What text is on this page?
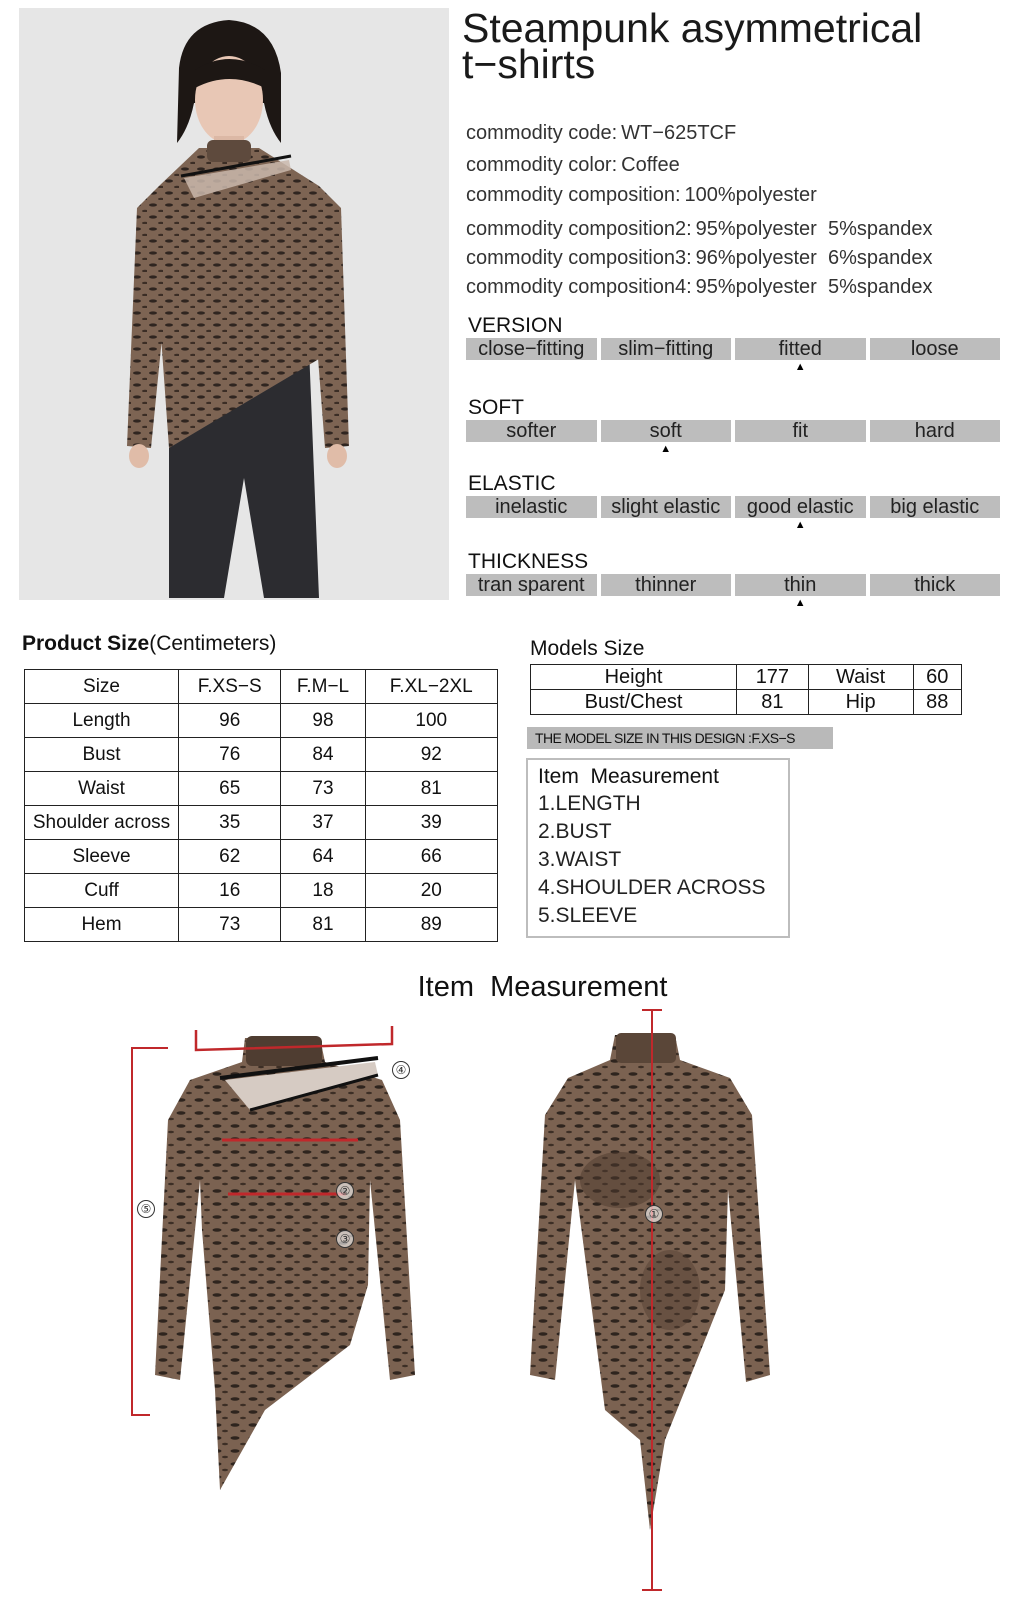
Steampunk asymmetrical
t−shirts
commodity code: WT−625TCF
commodity color: Coffee
commodity composition: 100%polyester
commodity composition2: 95%polyester  5%spandex
commodity composition3: 96%polyester  6%spandex
commodity composition4: 95%polyester  5%spandex
VERSION
close−fitting	slim−fitting	fitted
▲
loose
SOFT
softer	soft
▲
fit	hard
ELASTIC
inelastic	slight elastic	good elastic
▲
big elastic
THICKNESS
tran sparent	thinner	thin
▲
thick
Product Size(Centimeters)
Size	F.XS−S	F.M−L	F.XL−2XL
Length	96	98	100
Bust	76	84	92
Waist	65	73	81
Shoulder across	35	37	39
Sleeve	62	64	66
Cuff	16	18	20
Hem	73	81	89
Models Size
Height	177	Waist	60
Bust/Chest	81	Hip	88
THE MODEL SIZE IN THIS DESIGN :F.XS−S
Item  Measurement
1.LENGTH
2.BUST
3.WAIST
4.SHOULDER ACROSS
5.SLEEVE
Item  Measurement
①
②
③
④
⑤
